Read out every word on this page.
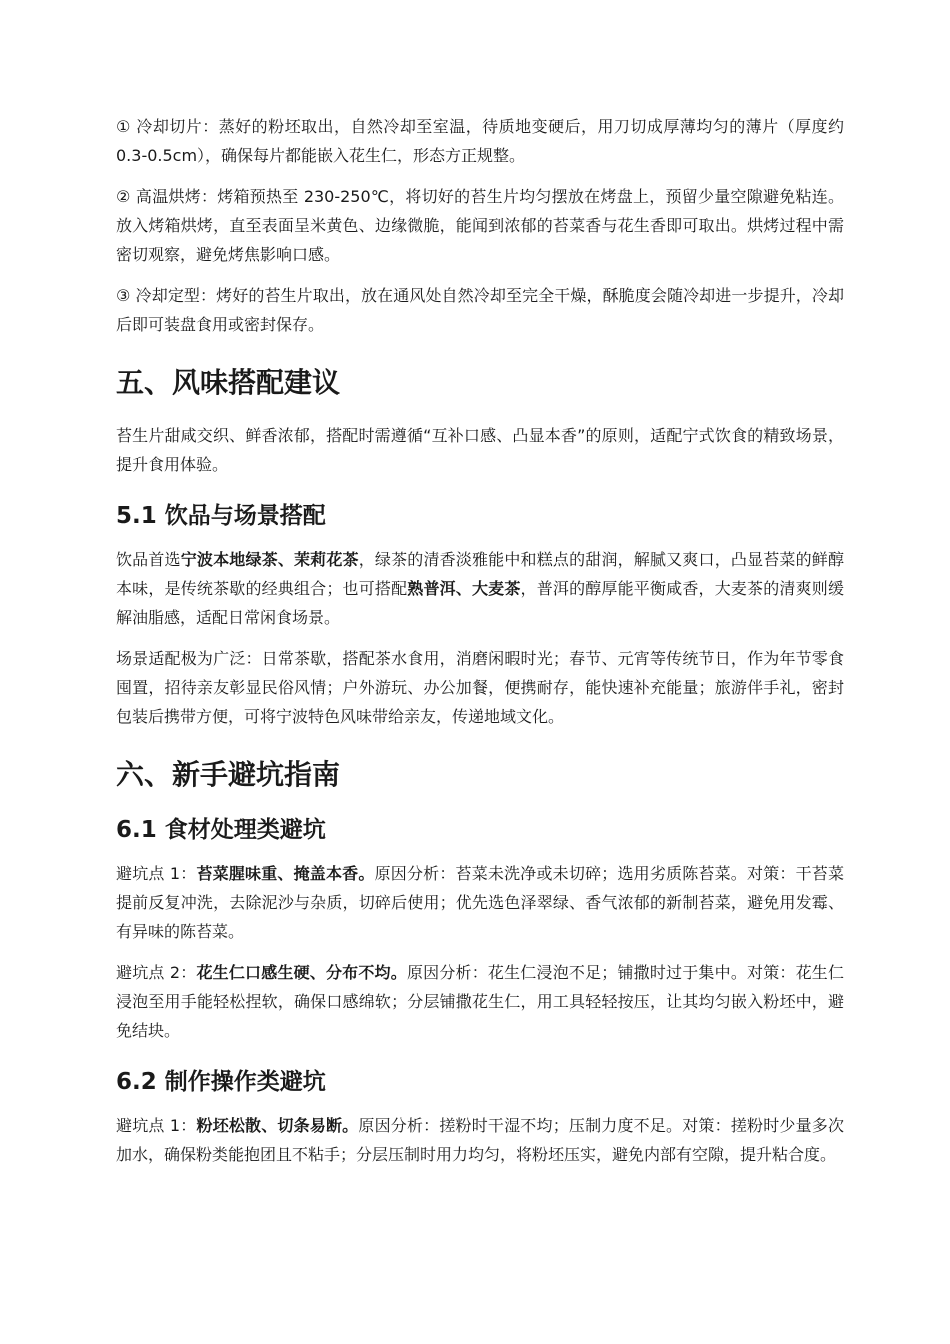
① 冷却切片：蒸好的粉坯取出，自然冷却至室温，待质地变硬后，用刀切成厚薄均匀的薄片（厚度约 0.3-0.5cm），确保每片都能嵌入花生仁，形态方正规整。

② 高温烘烤：烤箱预热至 230-250℃，将切好的苔生片均匀摆放在烤盘上，预留少量空隙避免粘连。放入烤箱烘烤，直至表面呈米黄色、边缘微脆，能闻到浓郁的苔菜香与花生香即可取出。烘烤过程中需密切观察，避免烤焦影响口感。

③ 冷却定型：烤好的苔生片取出，放在通风处自然冷却至完全干燥，酥脆度会随冷却进一步提升，冷却后即可装盘食用或密封保存。

五、风味搭配建议

苔生片甜咸交织、鲜香浓郁，搭配时需遵循“互补口感、凸显本香”的原则，适配宁式饮食的精致场景，提升食用体验。

5.1 饮品与场景搭配

饮品首选宁波本地绿茶、茉莉花茶，绿茶的清香淡雅能中和糕点的甜润，解腻又爽口，凸显苔菜的鲜醇本味，是传统茶歇的经典组合；也可搭配熟普洱、大麦茶，普洱的醇厚能平衡咸香，大麦茶的清爽则缓解油脂感，适配日常闲食场景。

场景适配极为广泛：日常茶歇，搭配茶水食用，消磨闲暇时光；春节、元宵等传统节日，作为年节零食囤置，招待亲友彰显民俗风情；户外游玩、办公加餐，便携耐存，能快速补充能量；旅游伴手礼，密封包装后携带方便，可将宁波特色风味带给亲友，传递地域文化。

六、新手避坑指南
6.1 食材处理类避坑

避坑点 1：苔菜腥味重、掩盖本香。原因分析：苔菜未洗净或未切碎；选用劣质陈苔菜。对策：干苔菜提前反复冲洗，去除泥沙与杂质，切碎后使用；优先选色泽翠绿、香气浓郁的新制苔菜，避免用发霉、有异味的陈苔菜。

避坑点 2：花生仁口感生硬、分布不均。原因分析：花生仁浸泡不足；铺撒时过于集中。对策：花生仁浸泡至用手能轻松捏软，确保口感绵软；分层铺撒花生仁，用工具轻轻按压，让其均匀嵌入粉坯中，避免结块。

6.2 制作操作类避坑

避坑点 1：粉坯松散、切条易断。原因分析：搓粉时干湿不均；压制力度不足。对策：搓粉时少量多次加水，确保粉类能抱团且不粘手；分层压制时用力均匀，将粉坯压实，避免内部有空隙，提升粘合度。
